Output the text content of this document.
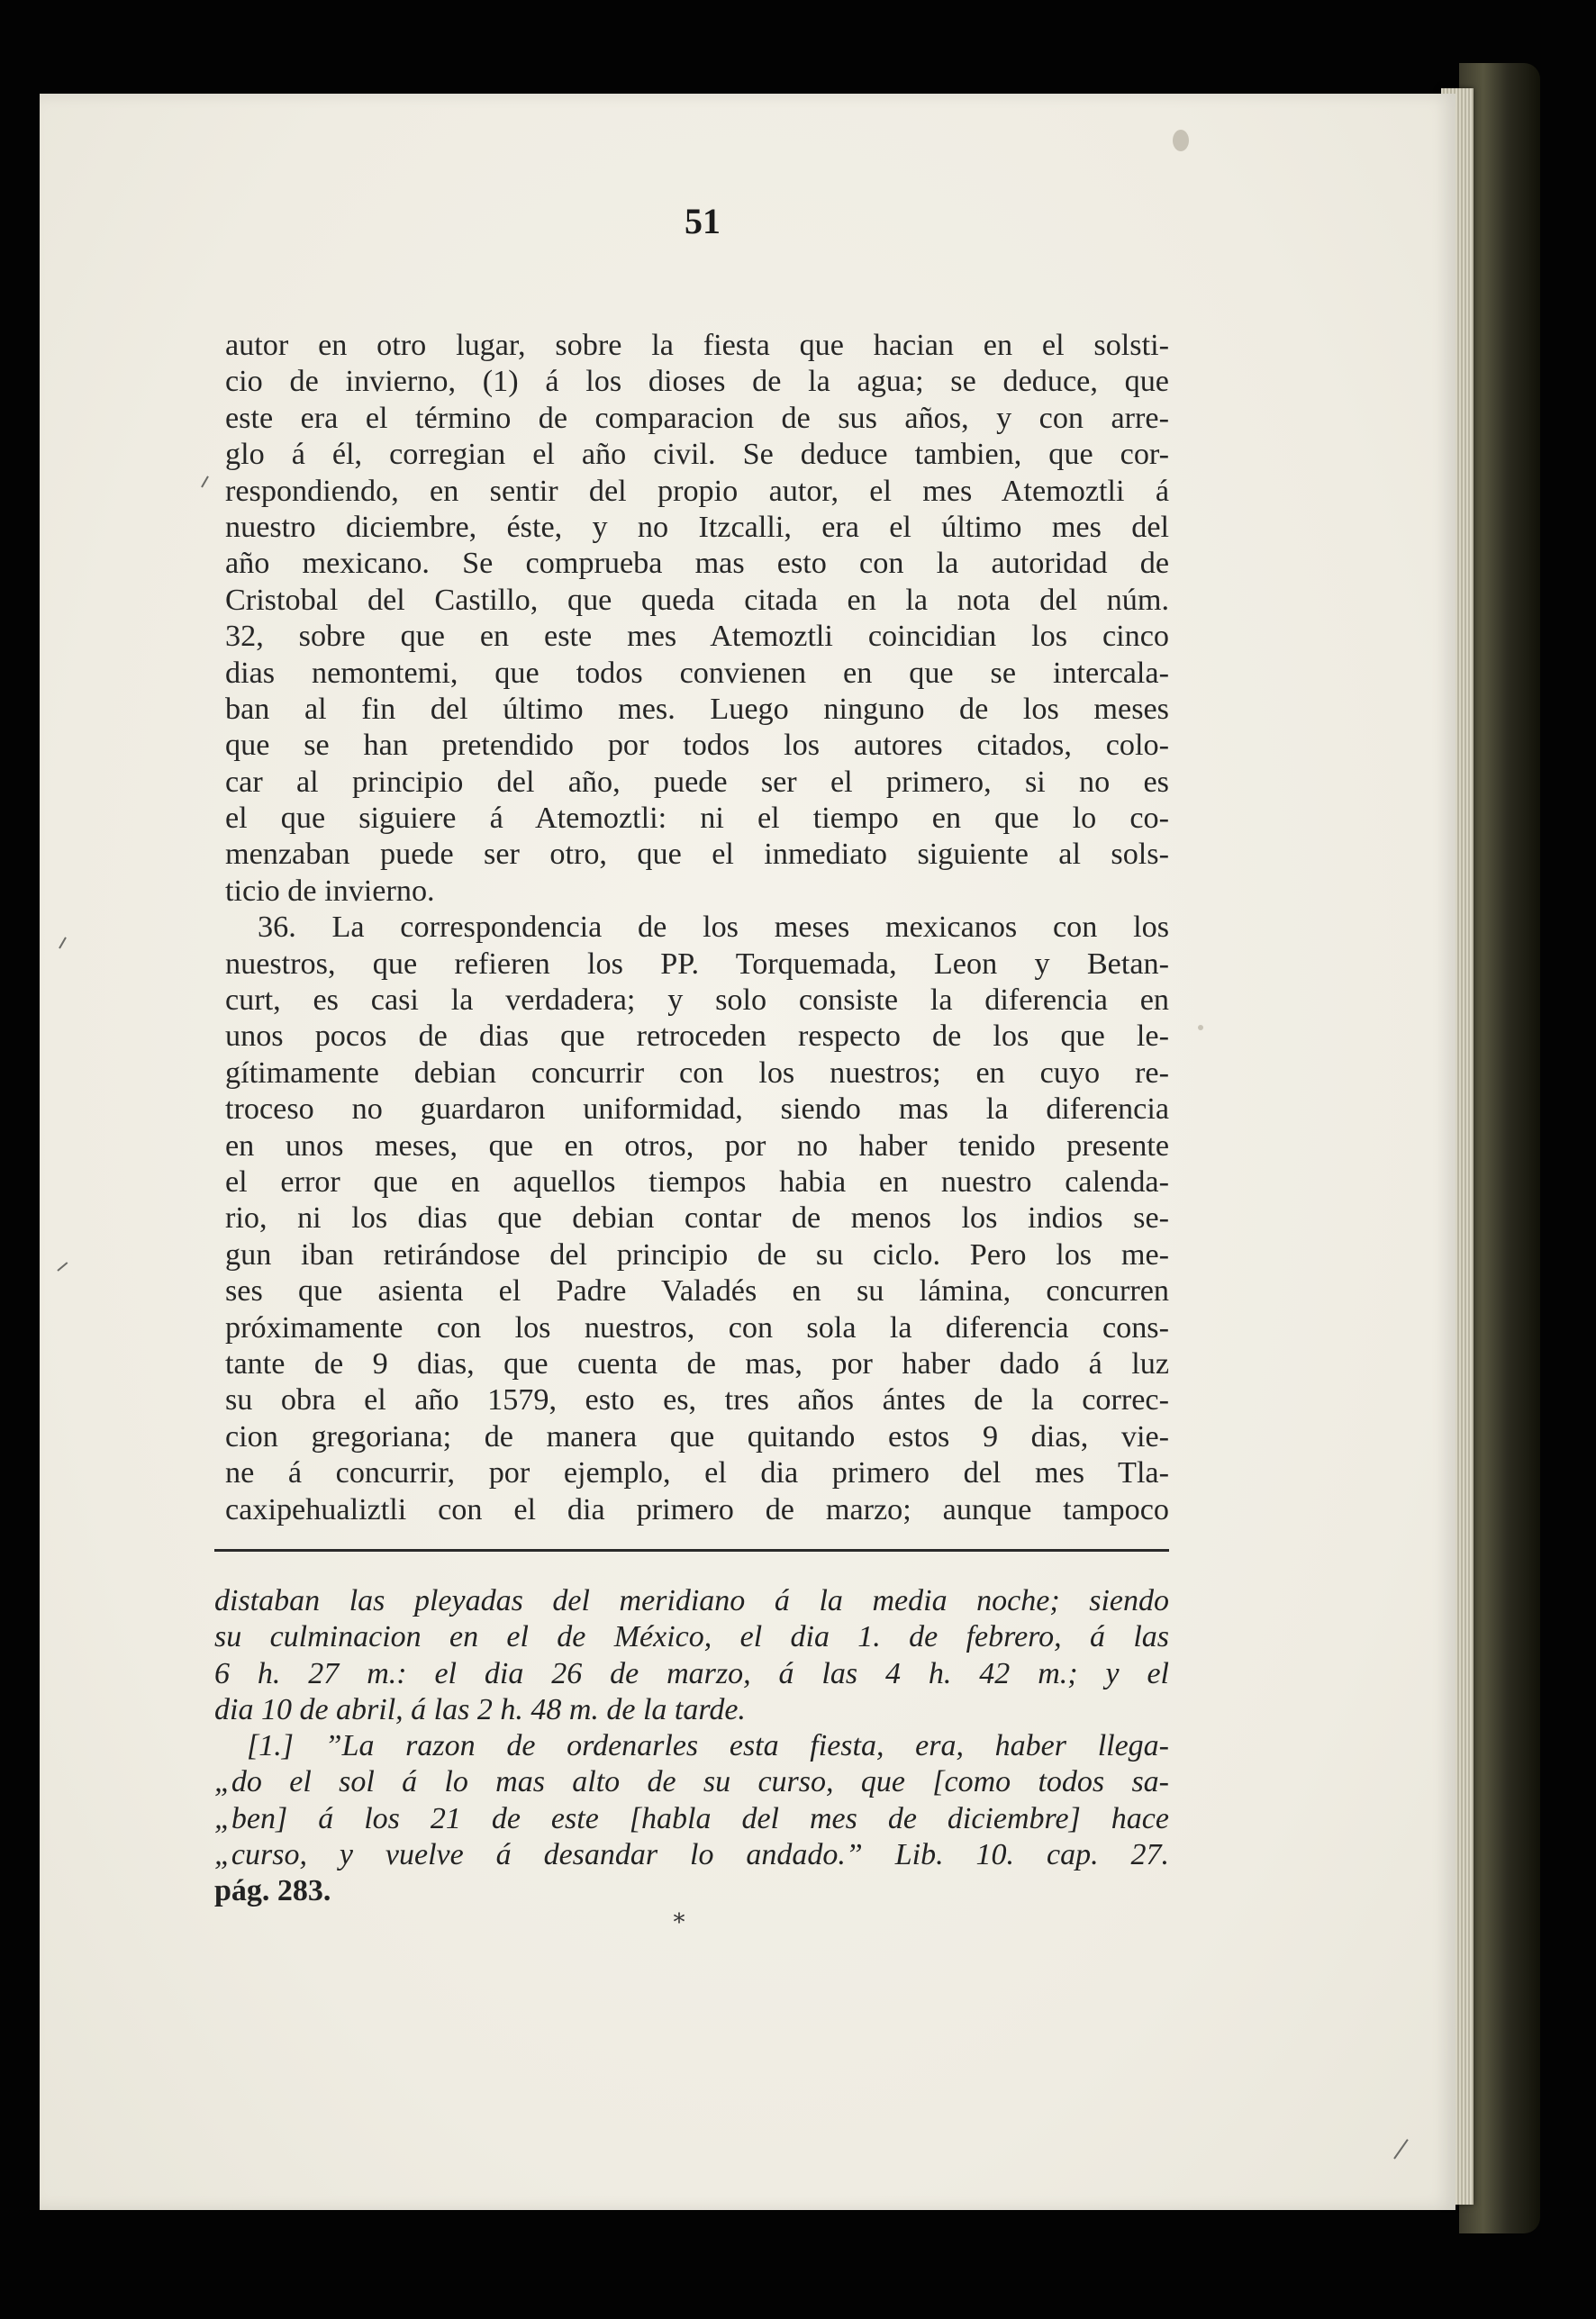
51
autor en otro lugar, sobre la fiesta que hacian en el solsti-
cio de invierno, (1) á los dioses de la agua; se deduce, que
este era el término de comparacion de sus años, y con arre-
glo á él, corregian el año civil. Se deduce tambien, que cor-
respondiendo, en sentir del propio autor, el mes Atemoztli á
nuestro diciembre, éste, y no Itzcalli, era el último mes del
año mexicano. Se comprueba mas esto con la autoridad de
Cristobal del Castillo, que queda citada en la nota del núm.
32, sobre que en este mes Atemoztli coincidian los cinco
dias nemontemi, que todos convienen en que se intercala-
ban al fin del último mes. Luego ninguno de los meses
que se han pretendido por todos los autores citados, colo-
car al principio del año, puede ser el primero, si no es
el que siguiere á Atemoztli: ni el tiempo en que lo co-
menzaban puede ser otro, que el inmediato siguiente al sols-
ticio de invierno.
36. La correspondencia de los meses mexicanos con los
nuestros, que refieren los PP. Torquemada, Leon y Betan-
curt, es casi la verdadera; y solo consiste la diferencia en
unos pocos de dias que retroceden respecto de los que le-
gítimamente debian concurrir con los nuestros; en cuyo re-
troceso no guardaron uniformidad, siendo mas la diferencia
en unos meses, que en otros, por no haber tenido presente
el error que en aquellos tiempos habia en nuestro calenda-
rio, ni los dias que debian contar de menos los indios se-
gun iban retirándose del principio de su ciclo. Pero los me-
ses que asienta el Padre Valadés en su lámina, concurren
próximamente con los nuestros, con sola la diferencia cons-
tante de 9 dias, que cuenta de mas, por haber dado á luz
su obra el año 1579, esto es, tres años ántes de la correc-
cion gregoriana; de manera que quitando estos 9 dias, vie-
ne á concurrir, por ejemplo, el dia primero del mes Tla-
caxipehualiztli con el dia primero de marzo; aunque tampoco
distaban las pleyadas del meridiano á la media noche; siendo
su culminacion en el de México, el dia 1. de febrero, á las
6 h. 27 m.: el dia 26 de marzo, á las 4 h. 42 m.; y el
dia 10 de abril, á las 2 h. 48 m. de la tarde.
[1.] ”La razon de ordenarles esta fiesta, era, haber llega-
„do el sol á lo mas alto de su curso, que [como todos sa-
„ben] á los 21 de este [habla del mes de diciembre] hace
„curso, y vuelve á desandar lo andado.” Lib. 10. cap. 27.
pág. 283.
*
